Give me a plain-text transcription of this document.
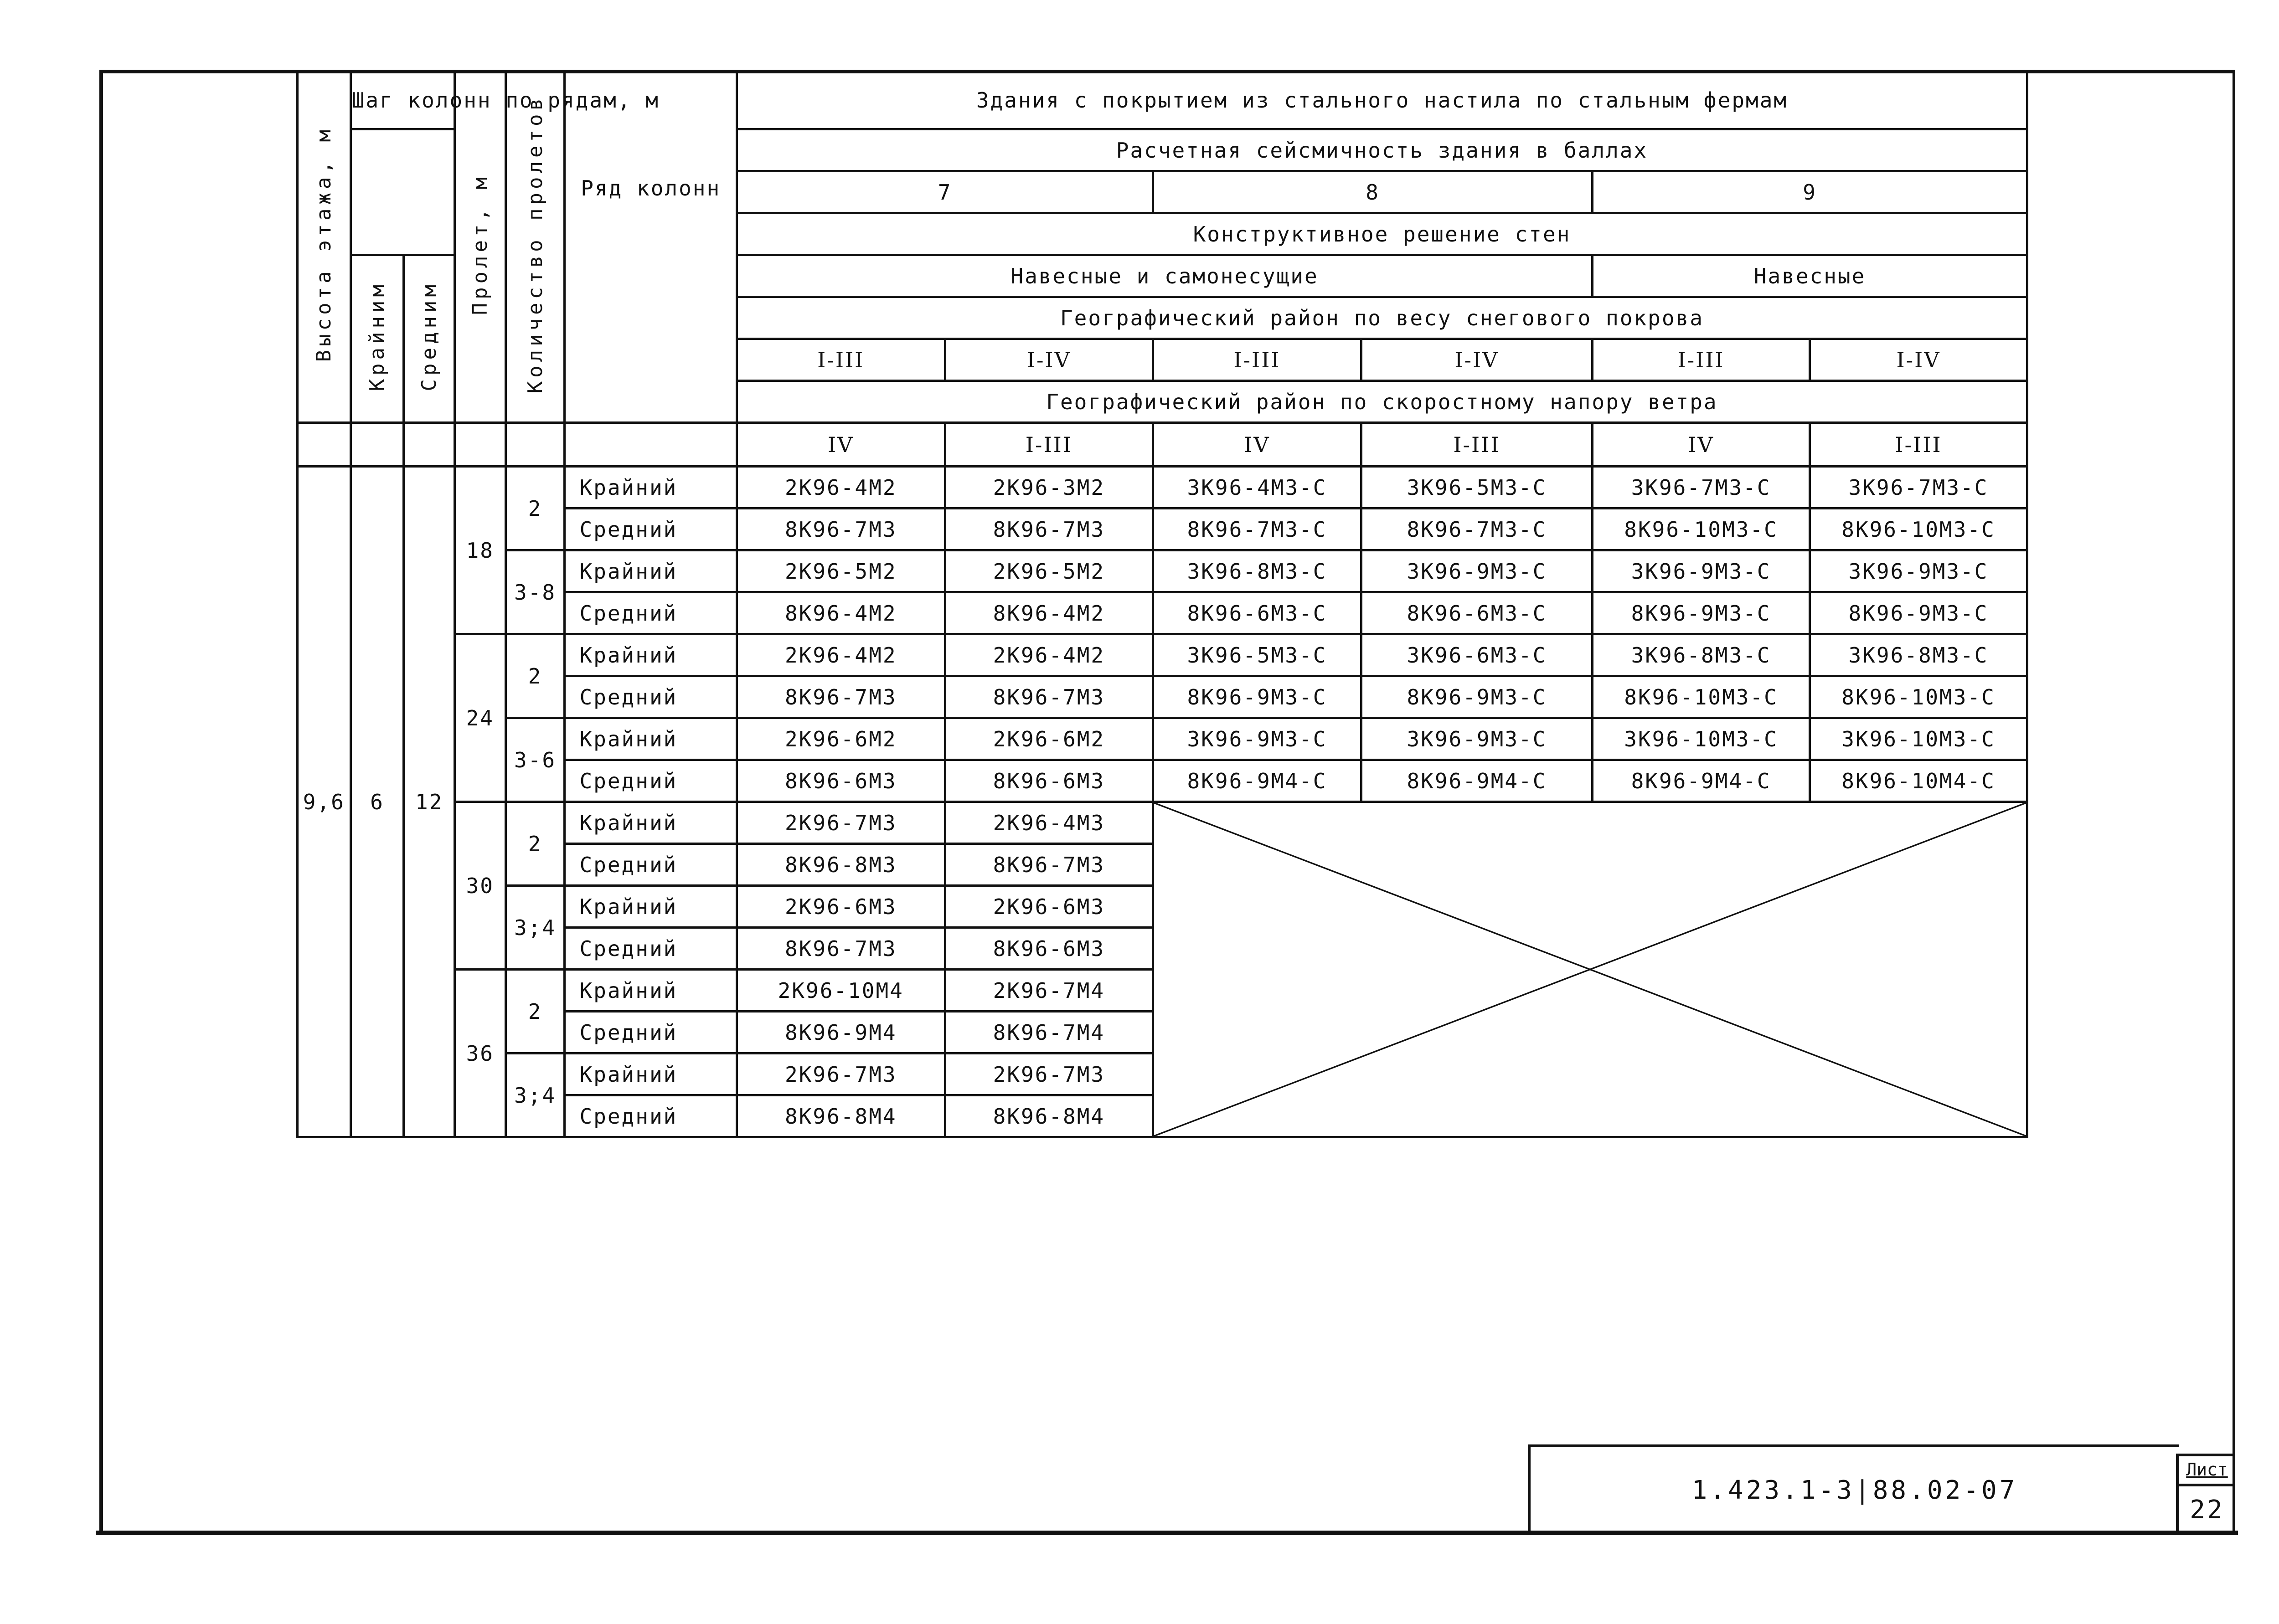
Высота этажа, м	Шаг колонн по рядам, м		Пролет, м	Количество пролетов	Ряд колонн	Здания с покрытием из стального настила по стальным фермам					
						Расчетная сейсмичность здания в баллах					
						7		8		9	
						Конструктивное решение стен					
	Крайним	Средним				Навесные и самонесущие				Навесные	
						Географический район по весу снегового покрова					
						I-III	I-IV	I-III	I-IV	I-III	I-IV
						Географический район по скоростному напору ветра					
						IV	I-III	IV	I-III	IV	I-III
9,6	6	12	18	2	Крайний	2К96-4М2	2К96-3М2	3К96-4М3-С	3К96-5М3-С	3К96-7М3-С	3К96-7М3-С
					Средний	8К96-7М3	8К96-7М3	8К96-7М3-С	8К96-7М3-С	8К96-10М3-С	8К96-10М3-С
				3-8	Крайний	2К96-5М2	2К96-5М2	3К96-8М3-С	3К96-9М3-С	3К96-9М3-С	3К96-9М3-С
					Средний	8К96-4М2	8К96-4М2	8К96-6М3-С	8К96-6М3-С	8К96-9М3-С	8К96-9М3-С
			24	2	Крайний	2К96-4М2	2К96-4М2	3К96-5М3-С	3К96-6М3-С	3К96-8М3-С	3К96-8М3-С
					Средний	8К96-7М3	8К96-7М3	8К96-9М3-С	8К96-9М3-С	8К96-10М3-С	8К96-10М3-С
				3-6	Крайний	2К96-6М2	2К96-6М2	3К96-9М3-С	3К96-9М3-С	3К96-10М3-С	3К96-10М3-С
					Средний	8К96-6М3	8К96-6М3	8К96-9М4-С	8К96-9М4-С	8К96-9М4-С	8К96-10М4-С
			30	2	Крайний	2К96-7М3	2К96-4М3	

					Средний	8К96-8М3	8К96-7М3				
				3;4	Крайний	2К96-6М3	2К96-6М3				
					Средний	8К96-7М3	8К96-6М3				
			36	2	Крайний	2К96-10М4	2К96-7М4				
					Средний	8К96-9М4	8К96-7М4				
				3;4	Крайний	2К96-7М3	2К96-7М3				
					Средний	8К96-8М4	8К96-8М4				
1.423.1-3|88.02-07
Лист
22
